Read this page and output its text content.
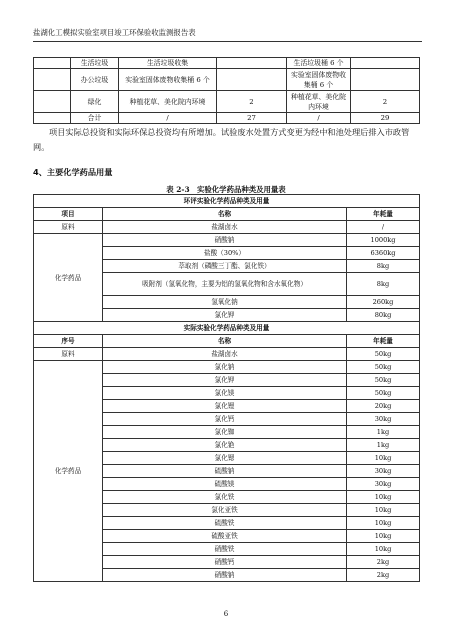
盐湖化工模拟实验室项目竣工环保验收监测报告表
	生活垃圾	生活垃圾收集		生活垃圾桶 6 个	
	办公垃圾	实验室固体废物收集桶 6 个		实验室固体废物收集桶 6 个	
	绿化	种植花草、美化院内环境	2	种植花草、美化院内环境	2
	合计	/	27	/	29

项目实际总投资和实际环保总投资均有所增加。试验废水处置方式变更为经中和池处理后排入市政管网。

4、主要化学药品用量
表 2-3　实验化学药品种类及用量表
环评实验化学药品种类及用量		
项目	名称	年耗量
原料	盐湖卤水	/
化学药品	硝酸钠	1000kg
	盐酸（30%）	6360kg
	萃取剂（磷酸三丁酯、氯化铁）	8kg
	吸附剂（氢氧化物，主要为铝的氢氧化物和含水氧化物）	8kg
	氢氧化钠	260kg
	氯化钾	80kg
实际实验化学药品种类及用量		
序号	名称	年耗量
原料	盐湖卤水	50kg
化学药品	氯化钠	50kg
	氯化钾	50kg
	氯化镁	50kg
	氯化锂	20kg
	氯化钙	30kg
	氯化铷	1kg
	氯化铯	1kg
	氯化锶	10kg
	硫酸钠	30kg
	硫酸镁	30kg
	氯化铁	10kg
	氯化亚铁	10kg
	硫酸铁	10kg
	硫酸亚铁	10kg
	硝酸铁	10kg
	硝酸钙	2kg
	硝酸钠	2kg
6
